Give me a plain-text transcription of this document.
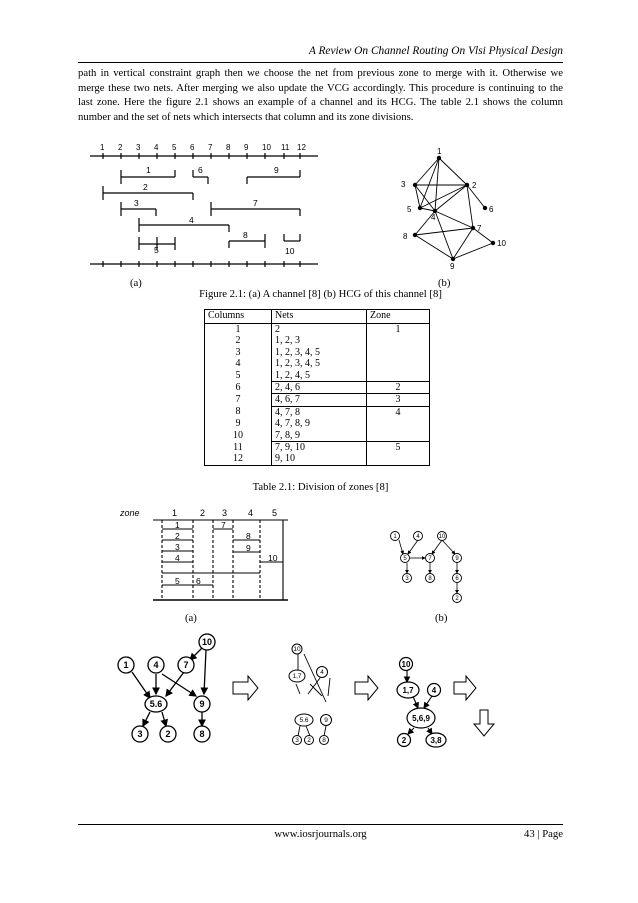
A Review On Channel Routing On Vlsi Physical Design
path in vertical constraint graph then we choose the net from previous zone to merge with it. Otherwise we merge these two nets. After merging we also update the VCG accordingly. This procedure is continuing to the last zone. Here the figure 2.1 shows an example of a channel and its HCG. The table 2.1 shows the column number and the set of nets which intersects that column and its zone divisions.
1 2 3 4 5 6 7 8 9 10 11 12
1
2
3
4
5
6
7
8
9
10
1
2
3
4
5	6
7
8
9
10
(a)	(b)
Figure 2.1: (a) A channel [8] (b) HCG of this channel [8]
Columns	Nets	Zone
1	2	1
2	1, 2, 3	
3	1, 2, 3, 4, 5	
4	1, 2, 3, 4, 5	
5	1, 2, 4, 5	
6	2, 4, 6	2
7	4, 6, 7	3
8	4, 7, 8	4
9	4, 7, 8, 9	
10	7, 8, 9	
11	7, 9, 10	5
12	9, 10	
Table 2.1: Division of zones [8]
zone	1	2 3 4 5
1
2
3
4
5 6
7
8
9
10
1	4	10
5	7	9
3	8	6
2
(a)	(b)
1	4	7
10
5.6	9
3	2	8
10
1,7
4
5.6 9
3 2 8
10
1,7 4
5,6,9
2	3,8
www.iosrjournals.org	43 | Page
